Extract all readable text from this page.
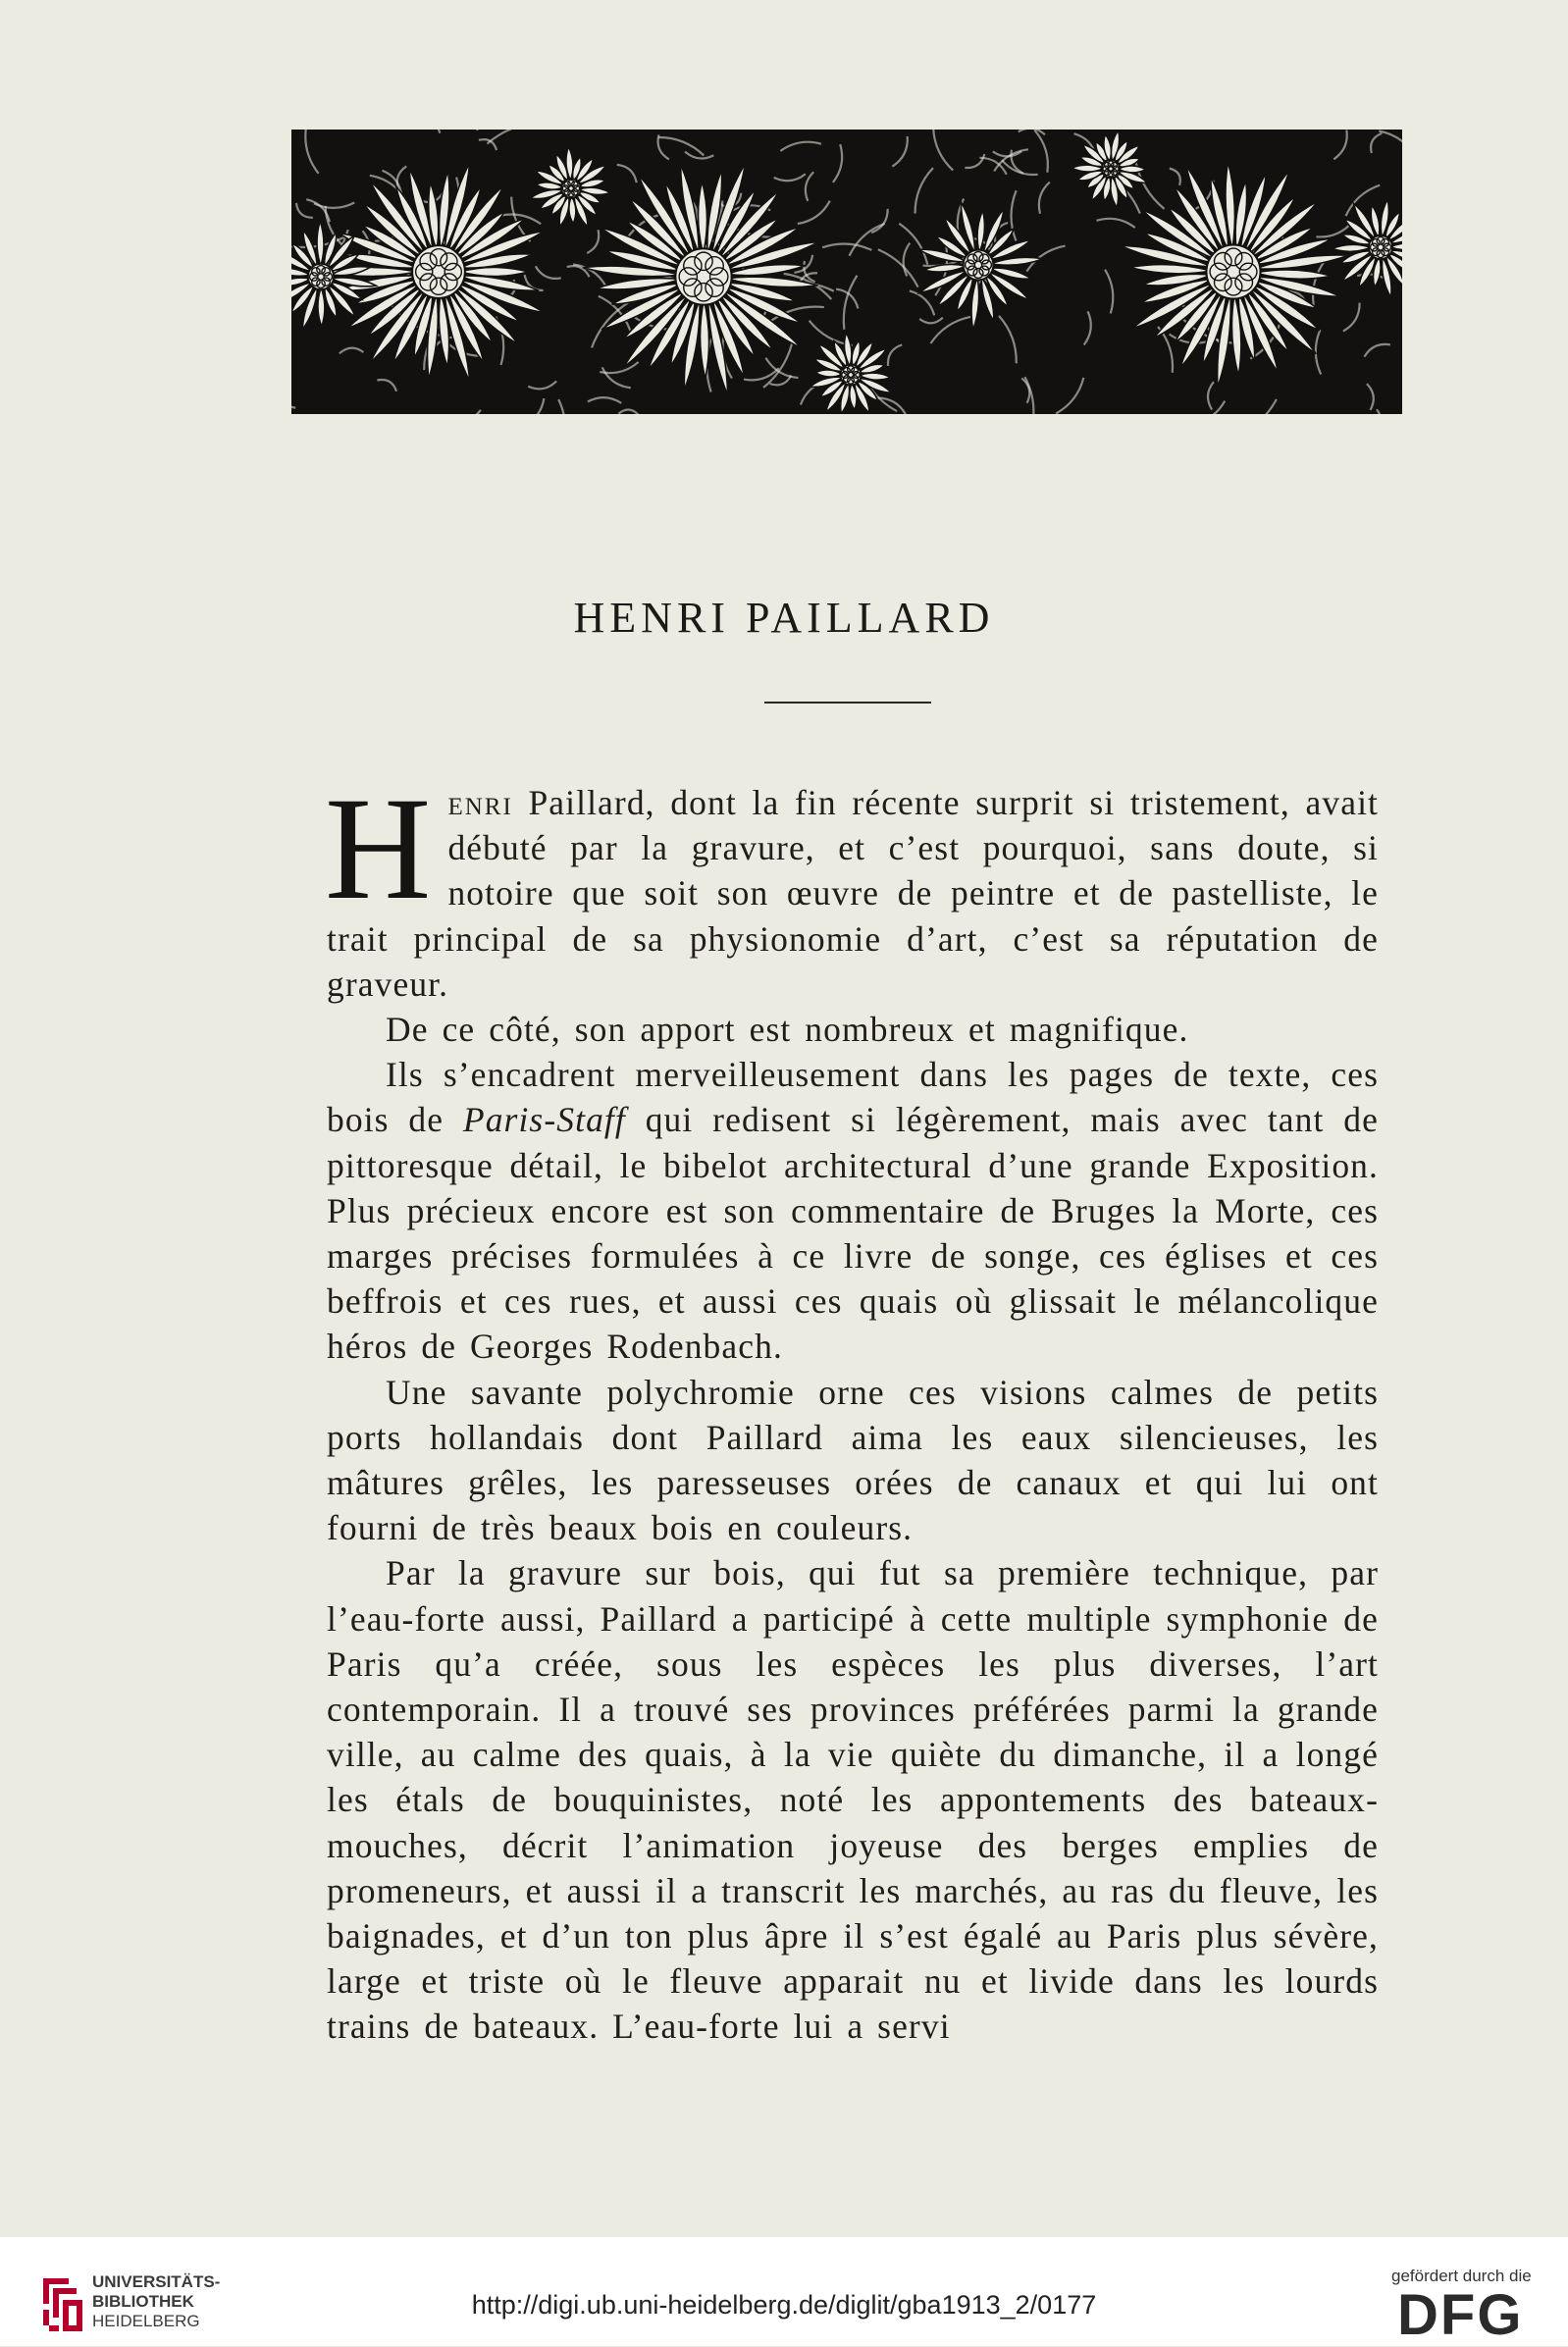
HENRI PAILLARD

Henri Paillard, dont la fin récente surprit si tristement, avait débuté par la gravure, et c’est pourquoi, sans doute, si notoire que soit son œuvre de peintre et de pastelliste, le trait principal de sa physionomie d’art, c’est sa réputation de graveur.

De ce côté, son apport est nombreux et magnifique.

Ils s’encadrent merveilleusement dans les pages de texte, ces bois de Paris-Staff qui redisent si légèrement, mais avec tant de pittoresque détail, le bibelot architectural d’une grande Exposition. Plus précieux encore est son commentaire de Bruges la Morte, ces marges précises formulées à ce livre de songe, ces églises et ces beffrois et ces rues, et aussi ces quais où glissait le mélancolique héros de Georges Rodenbach.

Une savante polychromie orne ces visions calmes de petits ports hollandais dont Paillard aima les eaux silencieuses, les mâtures grêles, les paresseuses orées de canaux et qui lui ont fourni de très beaux bois en couleurs.

Par la gravure sur bois, qui fut sa première technique, par l’eau-forte aussi, Paillard a participé à cette multiple symphonie de Paris qu’a créée, sous les espèces les plus diverses, l’art contemporain. Il a trouvé ses provinces préférées parmi la grande ville, au calme des quais, à la vie quiète du dimanche, il a longé les étals de bouquinistes, noté les appontements des bateaux-mouches, décrit l’animation joyeuse des berges emplies de promeneurs, et aussi il a transcrit les marchés, au ras du fleuve, les baignades, et d’un ton plus âpre il s’est égalé au Paris plus sévère, large et triste où le fleuve apparait nu et livide dans les lourds trains de bateaux. L’eau-forte lui a servi

UNIVERSITÄTS-
BIBLIOTHEK
HEIDELBERG
http://digi.ub.uni-heidelberg.de/diglit/gba1913_2/0177
gefördert durch die
DFG
